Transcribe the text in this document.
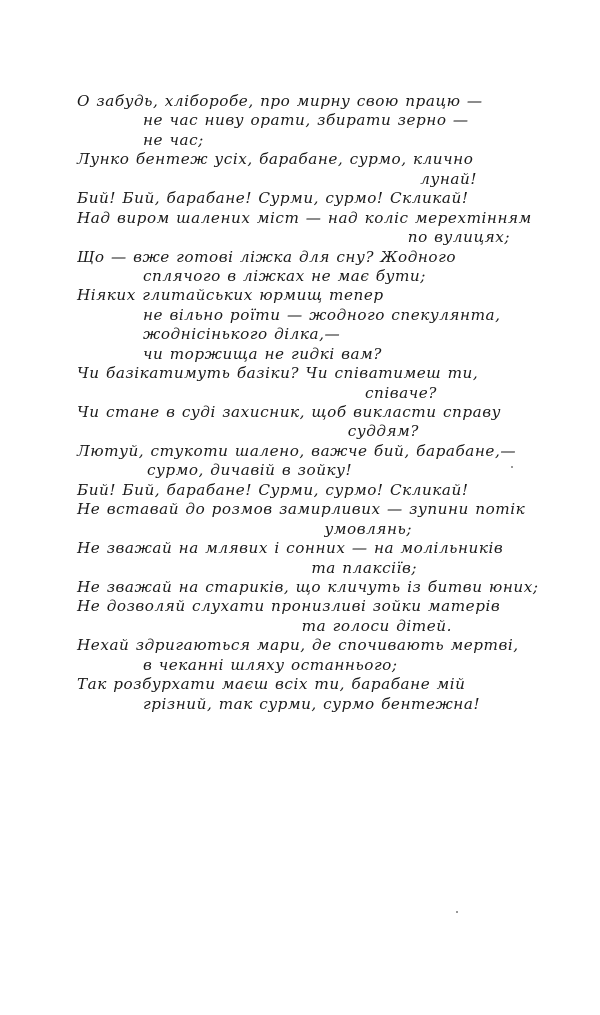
О забудь, хліборобе, про мирну свою працю —
не час ниву орати, збирати зерно —
не час;
Лунко бентеж усіх, барабане, сурмо, клично
лунай!
Бий! Бий, барабане! Сурми, сурмо! Скликай!
Над виром шалених міст — над коліс мерехтінням
по вулицях;
Що — вже готові ліжка для сну? Жодного
сплячого в ліжках не має бути;
Ніяких глитайських юрмищ тепер
не вільно роїти — жодного спекулянта,
жоднісінького ділка,—
чи торжища не гидкі вам?
Чи базікатимуть базіки? Чи співатимеш ти,
співаче?
Чи стане в суді захисник, щоб викласти справу
суддям?
Лютуй, стукоти шалено, важче бий, барабане,—
сурмо, дичавій в зойку!
Бий! Бий, барабане! Сурми, сурмо! Скликай!
Не вставай до розмов замирливих — зупини потік
умовлянь;
Не зважай на млявих і сонних — на молільників
та плаксіїв;
Не зважай на стариків, що кличуть із битви юних;
Не дозволяй слухати пронизливі зойки матерів
та голоси дітей.
Нехай здригаються мари, де спочивають мертві,
в чеканні шляху останнього;
Так розбурхати маєш всіх ти, барабане мій
грізний, так сурми, сурмо бентежна!
